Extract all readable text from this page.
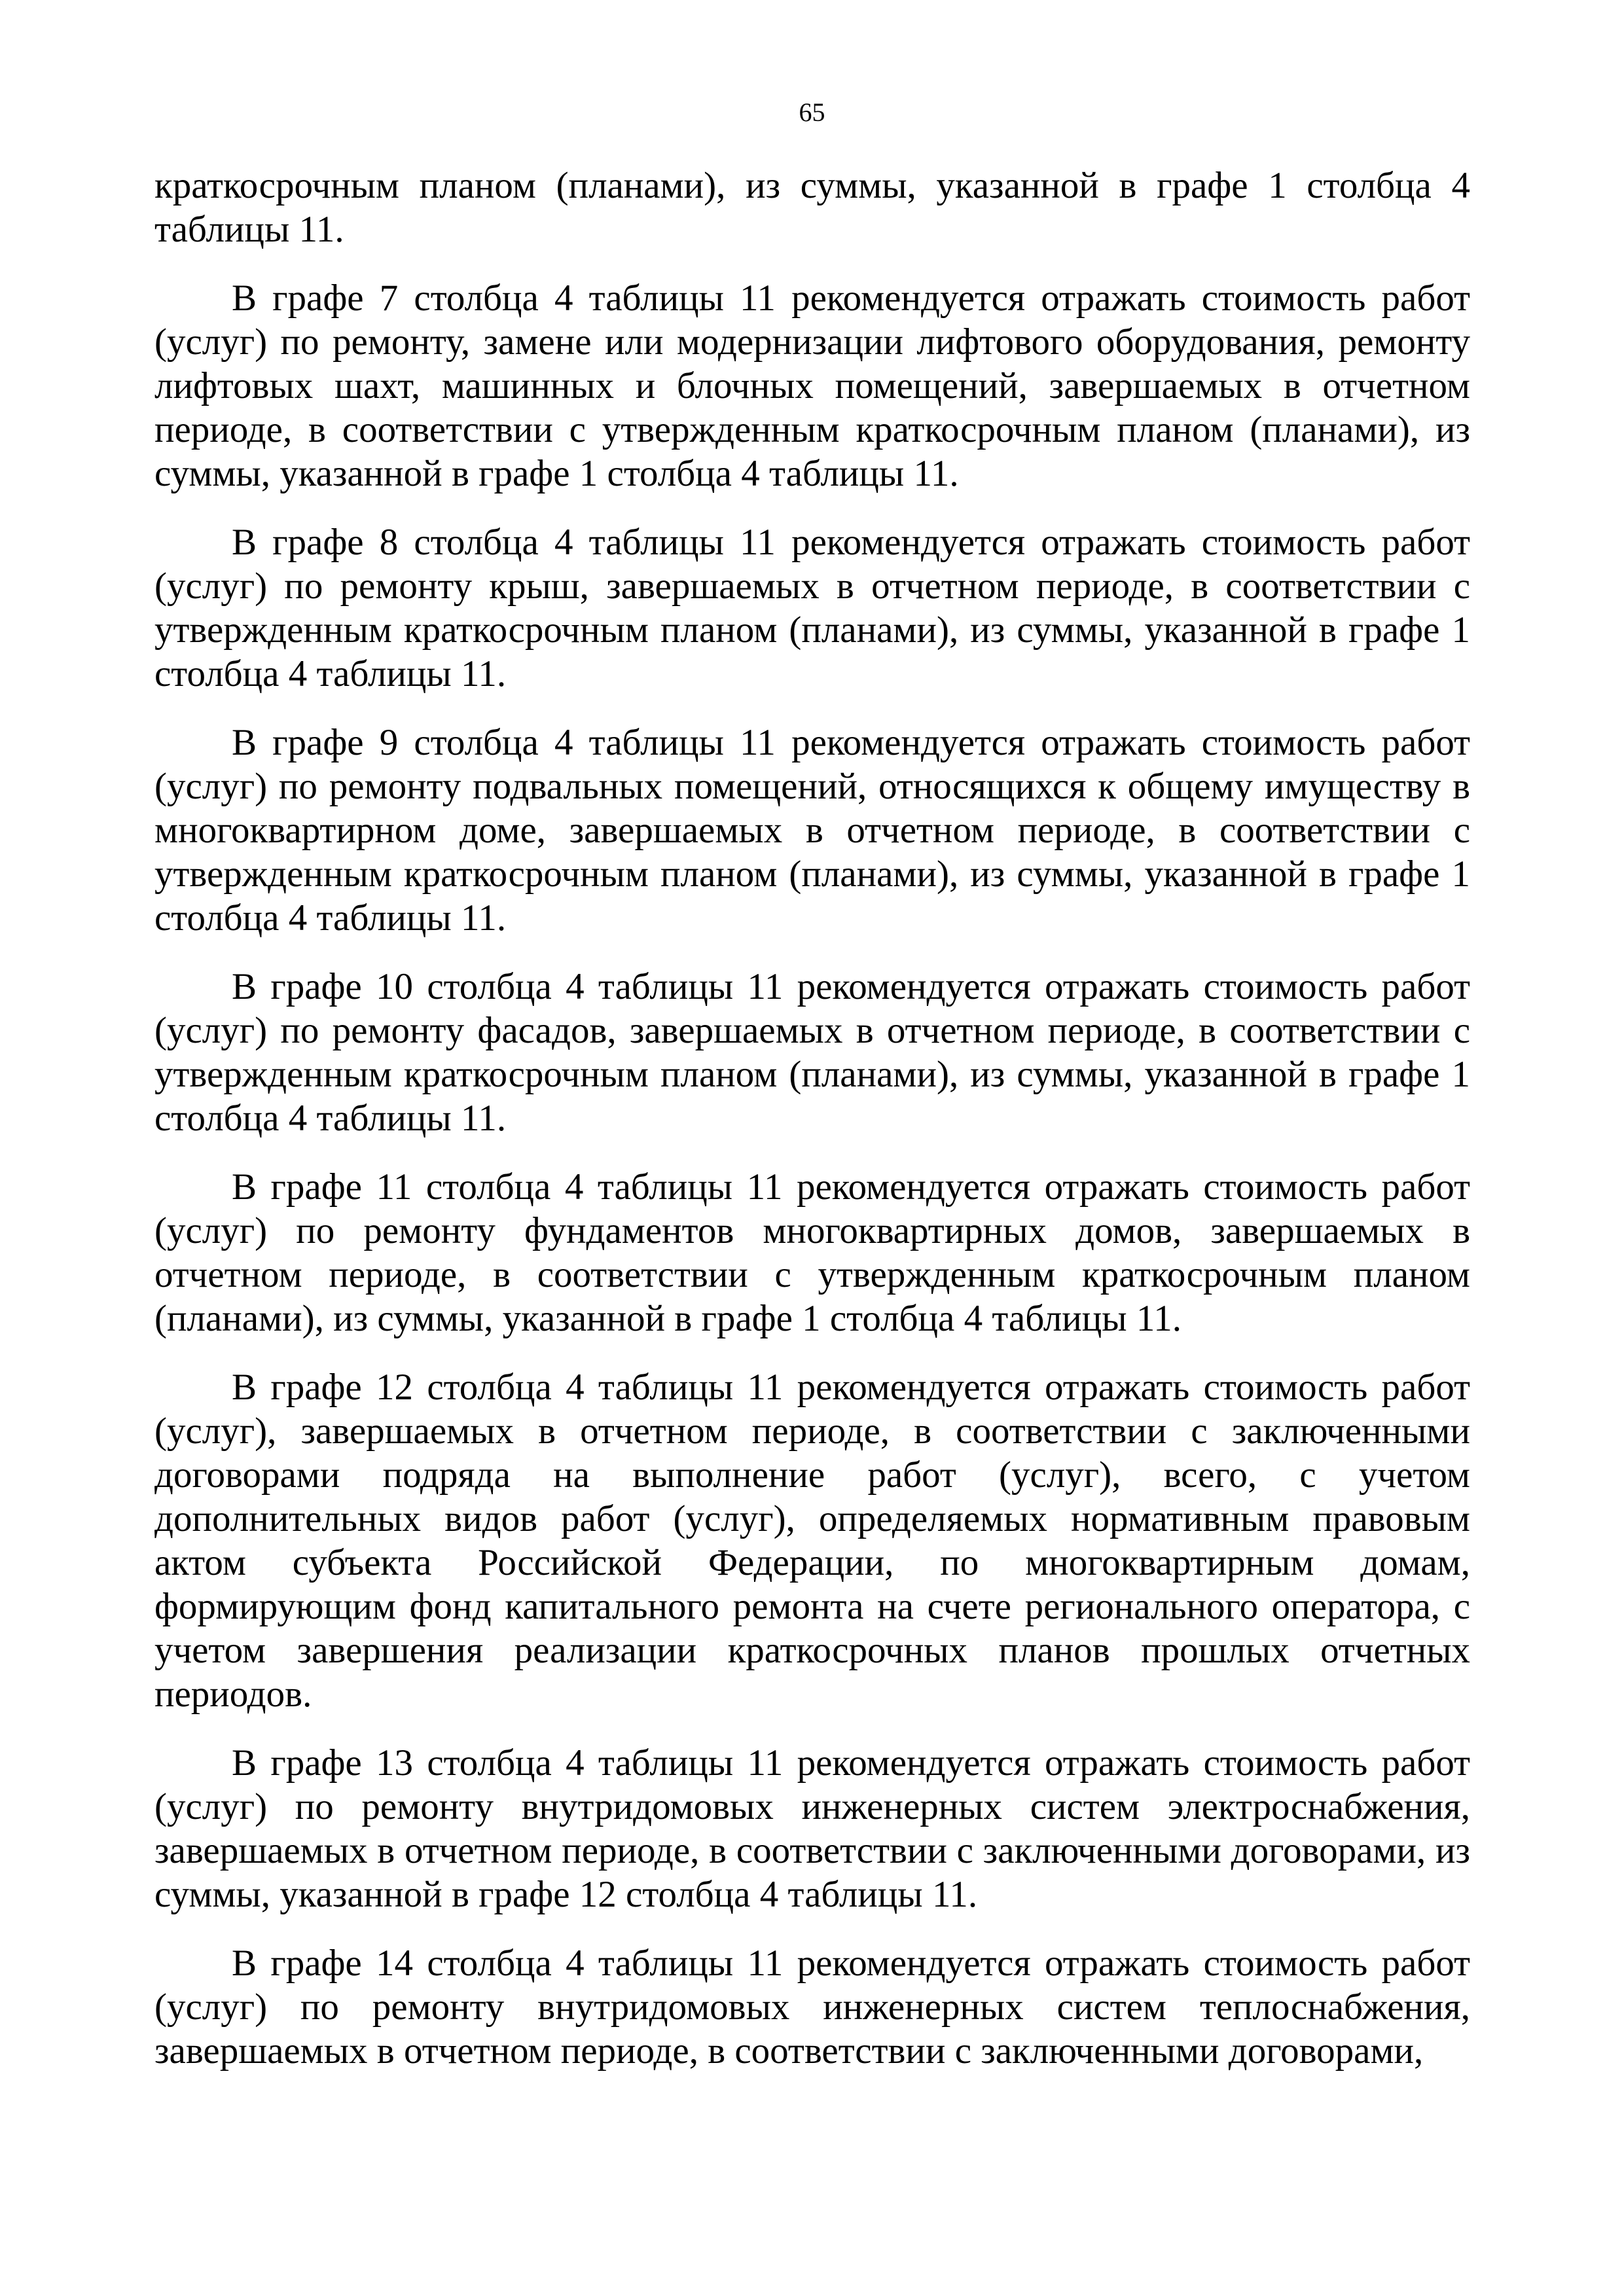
65

краткосрочным планом (планами), из суммы, указанной в графе 1 столбца 4 таблицы 11.

В графе 7 столбца 4 таблицы 11 рекомендуется отражать стоимость работ (услуг) по ремонту, замене или модернизации лифтового оборудования, ремонту лифтовых шахт, машинных и блочных помещений, завершаемых в отчетном периоде, в соответствии с утвержденным краткосрочным планом (планами), из суммы, указанной в графе 1 столбца 4 таблицы 11.

В графе 8 столбца 4 таблицы 11 рекомендуется отражать стоимость работ (услуг) по ремонту крыш, завершаемых в отчетном периоде, в соответствии с утвержденным краткосрочным планом (планами), из суммы, указанной в графе 1 столбца 4 таблицы 11.

В графе 9 столбца 4 таблицы 11 рекомендуется отражать стоимость работ (услуг) по ремонту подвальных помещений, относящихся к общему имуществу в многоквартирном доме, завершаемых в отчетном периоде, в соответствии с утвержденным краткосрочным планом (планами), из суммы, указанной в графе 1 столбца 4 таблицы 11.

В графе 10 столбца 4 таблицы 11 рекомендуется отражать стоимость работ (услуг) по ремонту фасадов, завершаемых в отчетном периоде, в соответствии с утвержденным краткосрочным планом (планами), из суммы, указанной в графе 1 столбца 4 таблицы 11.

В графе 11 столбца 4 таблицы 11 рекомендуется отражать стоимость работ (услуг) по ремонту фундаментов многоквартирных домов, завершаемых в отчетном периоде, в соответствии с утвержденным краткосрочным планом (планами), из суммы, указанной в графе 1 столбца 4 таблицы 11.

В графе 12 столбца 4 таблицы 11 рекомендуется отражать стоимость работ (услуг), завершаемых в отчетном периоде, в соответствии с заключенными договорами подряда на выполнение работ (услуг), всего, с учетом дополнительных видов работ (услуг), определяемых нормативным правовым актом субъекта Российской Федерации, по многоквартирным домам, формирующим фонд капитального ремонта на счете регионального оператора, с учетом завершения реализации краткосрочных планов прошлых отчетных периодов.

В графе 13 столбца 4 таблицы 11 рекомендуется отражать стоимость работ (услуг) по ремонту внутридомовых инженерных систем электроснабжения, завершаемых в отчетном периоде, в соответствии с заключенными договорами, из суммы, указанной в графе 12 столбца 4 таблицы 11.

В графе 14 столбца 4 таблицы 11 рекомендуется отражать стоимость работ (услуг) по ремонту внутридомовых инженерных систем теплоснабжения, завершаемых в отчетном периоде, в соответствии с заключенными договорами,
